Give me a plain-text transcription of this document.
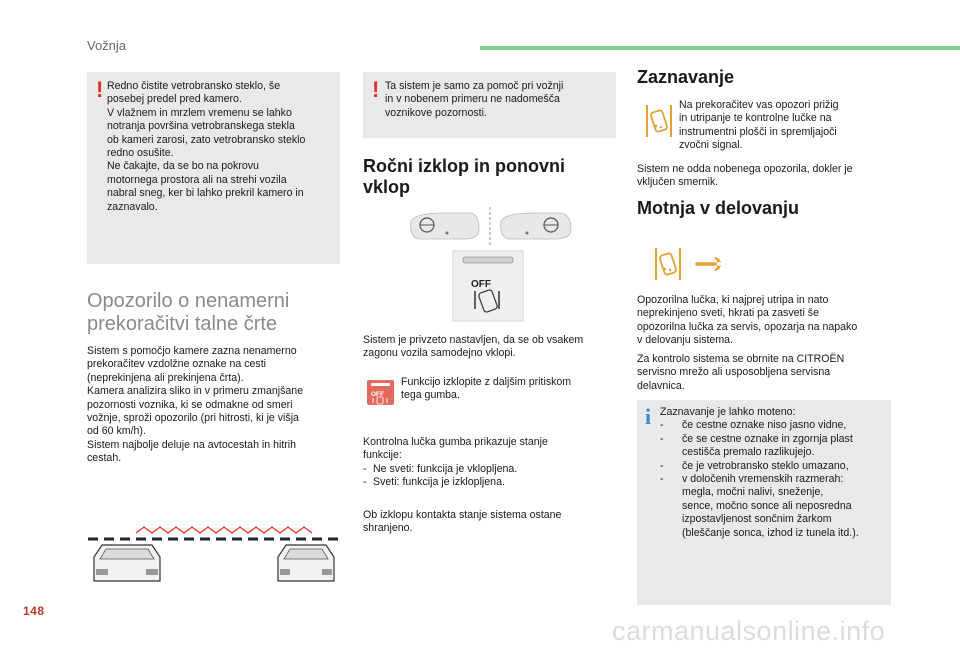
Vožnja
! Redno čistite vetrobransko steklo, še
posebej predel pred kamero.
V vlažnem in mrzlem vremenu se lahko
notranja površina vetrobranskega stekla
ob kameri zarosi, zato vetrobransko steklo
redno osušite.
Ne čakajte, da se bo na pokrovu
motornega prostora ali na strehi vozila
nabral sneg, ker bi lahko prekril kamero in
zaznavalo.
Opozorilo o nenamerni
prekoračitvi talne črte
Sistem s pomočjo kamere zazna nenamerno
prekoračitev vzdolžne oznake na cesti
(neprekinjena ali prekinjena črta).
Kamera analizira sliko in v primeru zmanjšane
pozornosti voznika, ki se odmakne od smeri
vožnje, sproži opozorilo (pri hitrosti, ki je višja
od 60 km/h).
Sistem najbolje deluje na avtocestah in hitrih
cestah.
! Ta sistem je samo za pomoč pri vožnji
in v nobenem primeru ne nadomešča
voznikove pozornosti.
Ročni izklop in ponovni
vklop
OFF
Sistem je privzeto nastavljen, da se ob vsakem
zagonu vozila samodejno vklopi.
OFF
Funkcijo izklopite z daljšim pritiskom
tega gumba.
Kontrolna lučka gumba prikazuje stanje
funkcije:
- Ne sveti: funkcija je vklopljena.
- Sveti: funkcija je izklopljena.
Ob izklopu kontakta stanje sistema ostane
shranjeno.
Zaznavanje
Na prekoračitev vas opozori prižig
in utripanje te kontrolne lučke na
instrumentni plošči in spremljajoči
zvočni signal.
Sistem ne odda nobenega opozorila, dokler je
vključen smernik.
Motnja v delovanju
Opozorilna lučka, ki najprej utripa in nato
neprekinjeno sveti, hkrati pa zasveti še
opozorilna lučka za servis, opozarja na napako
v delovanju sistema.
Za kontrolo sistema se obrnite na CITROËN
servisno mrežo ali usposobljena servisna
delavnica.
i Zaznavanje je lahko moteno:
-	če cestne oznake niso jasno vidne,
-	če se cestne oznake in zgornja plast
cestišča premalo razlikujejo.
-	če je vetrobransko steklo umazano,
-	v določenih vremenskih razmerah:
megla, močni nalivi, sneženje,
sence, močno sonce ali neposredna
izpostavljenost sončnim žarkom
(bleščanje sonca, izhod iz tunela itd.).
148
carmanualsonline.info
